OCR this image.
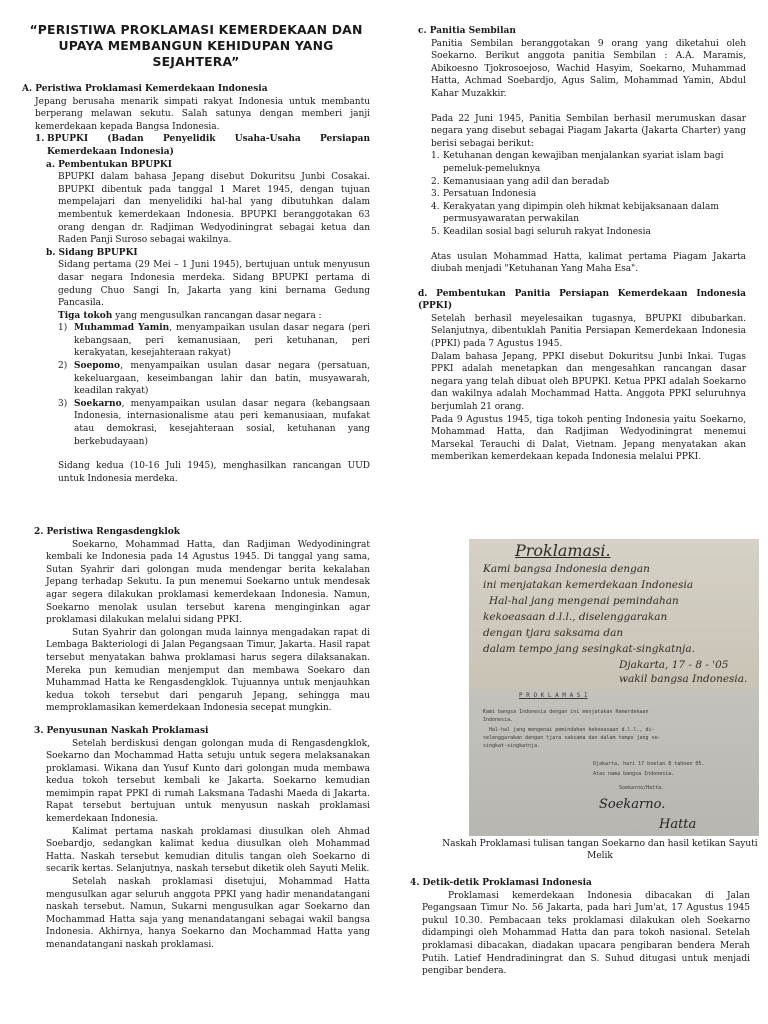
“PERISTIWA PROKLAMASI KEMERDEKAAN DAN
UPAYA MEMBANGUN KEHIDUPAN YANG
SEJAHTERA”

A. Peristiwa Proklamasi Kemerdekaan Indonesia

Jepang berusaha menarik simpati rakyat Indonesia untuk membantu berperang melawan sekutu. Salah satunya dengan memberi janji kemerdekaan kepada Bangsa Indonesia.

1. BPUPKI (Badan Penyelidik Usaha-Usaha Persiapan Kemerdekaan Indonesia)

a. Pembentukan BPUPKI

BPUPKI dalam bahasa Jepang disebut Dokuritsu Junbi Cosakai. BPUPKI dibentuk pada tanggal 1 Maret 1945, dengan tujuan mempelajari dan menyelidiki hal-hal yang dibutuhkan dalam membentuk kemerdekaan Indonesia. BPUPKI beranggotakan 63 orang dengan dr. Radjiman Wedyodiningrat sebagai ketua dan Raden Panji Suroso sebagai wakilnya.

b. Sidang BPUPKI

Sidang pertama (29 Mei – 1 Juni 1945), bertujuan untuk menyusun dasar negara Indonesia merdeka. Sidang BPUPKI pertama di gedung Chuo Sangi In, Jakarta yang kini bernama Gedung Pancasila.

Tiga tokoh yang mengusulkan rancangan dasar negara :

1) Muhammad Yamin, menyampaikan usulan dasar negara (peri kebangsaan, peri kemanusiaan, peri ketuhanan, peri kerakyatan, kesejahteraan rakyat)
2) Soepomo, menyampaikan usulan dasar negara (persatuan, kekeluargaan, keseimbangan lahir dan batin, musyawarah, keadilan rakyat)
3) Soekarno, menyampaikan usulan dasar negara (kebangsaan Indonesia, internasionalisme atau peri kemanusiaan, mufakat atau demokrasi, kesejahteraan sosial, ketuhanan yang berkebudayaan)

Sidang kedua (10-16 Juli 1945), menghasilkan rancangan UUD untuk Indonesia merdeka.

c. Panitia Sembilan

Panitia Sembilan beranggotakan 9 orang yang diketahui oleh Soekarno. Berikut anggota panitia Sembilan : A.A. Maramis, Abikoesno Tjokrosoejoso, Wachid Hasyim, Soekarno, Muhammad Hatta, Achmad Soebardjo, Agus Salim, Mohammad Yamin, Abdul Kahar Muzakkir.

Pada 22 Juni 1945, Panitia Sembilan berhasil merumuskan dasar negara yang disebut sebagai Piagam Jakarta (Jakarta Charter) yang berisi sebagai berikut:

1. Ketuhanan dengan kewajiban menjalankan syariat islam bagi pemeluk-pemeluknya
2. Kemanusiaan yang adil dan beradab
3. Persatuan Indonesia
4. Kerakyatan yang dipimpin oleh hikmat kebijaksanaan dalam permusyawaratan perwakilan
5. Keadilan sosial bagi seluruh rakyat Indonesia

Atas usulan Mohammad Hatta, kalimat pertama Piagam Jakarta diubah menjadi "Ketuhanan Yang Maha Esa".

d. Pembentukan Panitia Persiapan Kemerdekaan Indonesia (PPKI)

Setelah berhasil meyelesaikan tugasnya, BPUPKI dibubarkan. Selanjutnya, dibentuklah Panitia Persiapan Kemerdekaan Indonesia (PPKI) pada 7 Agustus 1945.

Dalam bahasa Jepang, PPKI disebut Dokuritsu Junbi Inkai. Tugas PPKI adalah menetapkan dan mengesahkan rancangan dasar negara yang telah dibuat oleh BPUPKI. Ketua PPKI adalah Soekarno dan wakilnya adalah Mochammad Hatta. Anggota PPKI seluruhnya berjumlah 21 orang.

Pada 9 Agustus 1945, tiga tokoh penting Indonesia yaitu Soekarno, Mohammad Hatta, dan Radjiman Wedyodiningrat menemui Marsekal Terauchi di Dalat, Vietnam. Jepang menyatakan akan memberikan kemerdekaan kepada Indonesia melalui PPKI.

2. Peristiwa Rengasdengklok

Soekarno, Mohammad Hatta, dan Radjiman Wedyodiningrat kembali ke Indonesia pada 14 Agustus 1945. Di tanggal yang sama, Sutan Syahrir dari golongan muda mendengar berita kekalahan Jepang terhadap Sekutu. Ia pun menemui Soekarno untuk mendesak agar segera dilakukan proklamasi kemerdekaan Indonesia. Namun, Soekarno menolak usulan tersebut karena menginginkan agar proklamasi dilakukan melalui sidang PPKI.

Sutan Syahrir dan golongan muda lainnya mengadakan rapat di Lembaga Bakteriologi di Jalan Pegangsaan Timur, Jakarta. Hasil rapat tersebut menyatakan bahwa proklamasi harus segera dilaksanakan. Mereka pun kemudian menjemput dan membawa Soekaro dan Muhammad Hatta ke Rengasdengklok. Tujuannya untuk menjauhkan kedua tokoh tersebut dari pengaruh Jepang, sehingga mau memproklamasikan kemerdekaan Indonesia secepat mungkin.

3. Penyusunan Naskah Proklamasi

Setelah berdiskusi dengan golongan muda di Rengasdengklok, Soekarno dan Mochammad Hatta setuju untuk segera melaksanakan proklamasi. Wikana dan Yusuf Kunto dari golongan muda membawa kedua tokoh tersebut kembali ke Jakarta. Soekarno kemudian memimpin rapat PPKI di rumah Laksmana Tadashi Maeda di Jakarta. Rapat tersebut bertujuan untuk menyusun naskah proklamasi kemerdekaan Indonesia.

Kalimat pertama naskah proklamasi diusulkan oleh Ahmad Soebardjo, sedangkan kalimat kedua diusulkan oleh Mohammad Hatta. Naskah tersebut kemudian ditulis tangan oleh Soekarno di secarik kertas. Selanjutnya, naskah tersebut diketik oleh Sayuti Melik.

Setelah naskah proklamasi disetujui, Mohammad Hatta mengusulkan agar seluruh anggota PPKI yang hadir menandatangani naskah tersebut. Namun, Sukarni mengusulkan agar Soekarno dan Mochammad Hatta saja yang menandatangani sebagai wakil bangsa Indonesia. Akhirnya, hanya Soekarno dan Mochammad Hatta yang menandatangani naskah proklamasi.

Proklamasi.
Kami bangsa Indonesia dengan
ini menjatakan kemerdekaan Indonesia
Hal-hal jang mengenai pemindahan
kekoeasaan d.l.l., diselenggarakan
dengan tjara saksama dan
dalam tempo jang sesingkat-singkatnja.
Djakarta, 17 - 8 - '05
wakil bangsa Indonesia.
P R O K L A M A S I
Kami bangsa Indonesia dengan ini menjatakan Kemerdekaan
Indonesia.
Hal-hal jang mengenai pemindahan kekoeasaan d.l.l., di-
selenggarakan dengan tjara saksama dan dalam tempo jang se-
singkat-singkatnja.
Djakarta, hari 17 boelan 8 tahoen 05.
Atas nama bangsa Indonesia.
Soekarno/Hatta.
Soekarno.
Hatta
Naskah Proklamasi tulisan tangan Soekarno dan hasil ketikan Sayuti Melik

4. Detik-detik Proklamasi Indonesia

Proklamasi kemerdekaan Indonesia dibacakan di Jalan Pegangsaan Timur No. 56 Jakarta, pada hari Jum'at, 17 Agustus 1945 pukul 10.30. Pembacaan teks proklamasi dilakukan oleh Soekarno didampingi oleh Mohammad Hatta dan para tokoh nasional. Setelah proklamasi dibacakan, diadakan upacara pengibaran bendera Merah Putih. Latief Hendradiningrat dan S. Suhud ditugasi untuk menjadi pengibar bendera.
